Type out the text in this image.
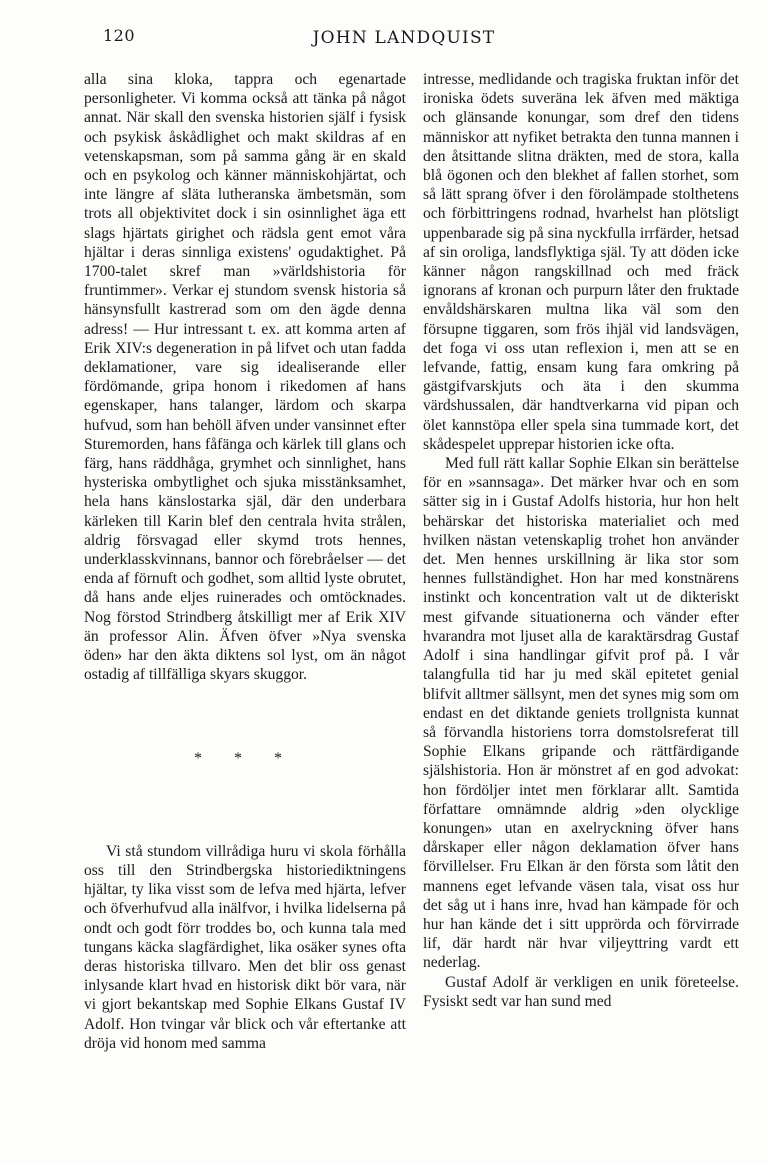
120	JOHN LANDQUIST

alla sina kloka, tappra och egenartade personligheter. Vi komma också att tänka på något annat. När skall den svenska historien själf i fysisk och psykisk åskådlighet och makt skildras af en vetenskapsman, som på samma gång är en skald och en psykolog och känner människohjärtat, och inte längre af släta lutheranska ämbetsmän, som trots all objektivitet dock i sin osinnlighet äga ett slags hjärtats girighet och rädsla gent emot våra hjältar i deras sinnliga existens' ogudaktighet. På 1700-talet skref man »världshistoria för fruntimmer». Verkar ej stundom svensk historia så hänsynsfullt kastrerad som om den ägde denna adress! — Hur intressant t. ex. att komma arten af Erik XIV:s degeneration in på lifvet och utan fadda deklamationer, vare sig idealiserande eller fördömande, gripa honom i rikedomen af hans egenskaper, hans talanger, lärdom och skarpa hufvud, som han behöll äfven under vansinnet efter Sturemorden, hans fåfänga och kärlek till glans och färg, hans räddhåga, grymhet och sinnlighet, hans hysteriska ombytlighet och sjuka misstänksamhet, hela hans känslostarka själ, där den underbara kärleken till Karin blef den centrala hvita strålen, aldrig försvagad eller skymd trots hennes, underklasskvinnans, bannor och förebråelser — det enda af förnuft och godhet, som alltid lyste obrutet, då hans ande eljes ruinerades och omtöcknades. Nog förstod Strindberg åtskilligt mer af Erik XIV än professor Alin. Äfven öfver »Nya svenska öden» har den äkta diktens sol lyst, om än något ostadig af tillfälliga skyars skuggor.

* * *

Vi stå stundom villrådiga huru vi skola förhålla oss till den Strindbergska historiediktningens hjältar, ty lika visst som de lefva med hjärta, lefver och öfverhufvud alla inälfvor, i hvilka lidelserna på ondt och godt förr troddes bo, och kunna tala med tungans käcka slagfärdighet, lika osäker synes ofta deras historiska tillvaro. Men det blir oss genast inlysande klart hvad en historisk dikt bör vara, när vi gjort bekantskap med Sophie Elkans Gustaf IV Adolf. Hon tvingar vår blick och vår eftertanke att dröja vid honom med samma

intresse, medlidande och tragiska fruktan inför det ironiska ödets suveräna lek äfven med mäktiga och glänsande konungar, som dref den tidens människor att nyfiket betrakta den tunna mannen i den åtsittande slitna dräkten, med de stora, kalla blå ögonen och den blekhet af fallen storhet, som så lätt sprang öfver i den förolämpade stolthetens och förbittringens rodnad, hvarhelst han plötsligt uppenbarade sig på sina nyckfulla irrfärder, hetsad af sin oroliga, landsflyktiga själ. Ty att döden icke känner någon rangskillnad och med fräck ignorans af kronan och purpurn låter den fruktade envåldshärskaren multna lika väl som den försupne tiggaren, som frös ihjäl vid landsvägen, det foga vi oss utan reflexion i, men att se en lefvande, fattig, ensam kung fara omkring på gästgifvarskjuts och äta i den skumma värdshussalen, där handtverkarna vid pipan och ölet kannstöpa eller spela sina tummade kort, det skådespelet upprepar historien icke ofta.

Med full rätt kallar Sophie Elkan sin berättelse för en »sannsaga». Det märker hvar och en som sätter sig in i Gustaf Adolfs historia, hur hon helt behärskar det historiska materialiet och med hvilken nästan vetenskaplig trohet hon använder det. Men hennes urskillning är lika stor som hennes fullständighet. Hon har med konstnärens instinkt och koncentration valt ut de dikteriskt mest gifvande situationerna och vänder efter hvarandra mot ljuset alla de karaktärsdrag Gustaf Adolf i sina handlingar gifvit prof på. I vår talangfulla tid har ju med skäl epitetet genial blifvit alltmer sällsynt, men det synes mig som om endast en det diktande geniets trollgnista kunnat så förvandla historiens torra domstolsreferat till Sophie Elkans gripande och rättfärdigande själshistoria. Hon är mönstret af en god advokat: hon fördöljer intet men förklarar allt. Samtida författare omnämnde aldrig »den olycklige konungen» utan en axelryckning öfver hans dårskaper eller någon deklamation öfver hans förvillelser. Fru Elkan är den första som låtit den mannens eget lefvande väsen tala, visat oss hur det såg ut i hans inre, hvad han kämpade för och hur han kände det i sitt upprörda och förvirrade lif, där hardt när hvar viljeyttring vardt ett nederlag.

Gustaf Adolf är verkligen en unik företeelse. Fysiskt sedt var han sund med
